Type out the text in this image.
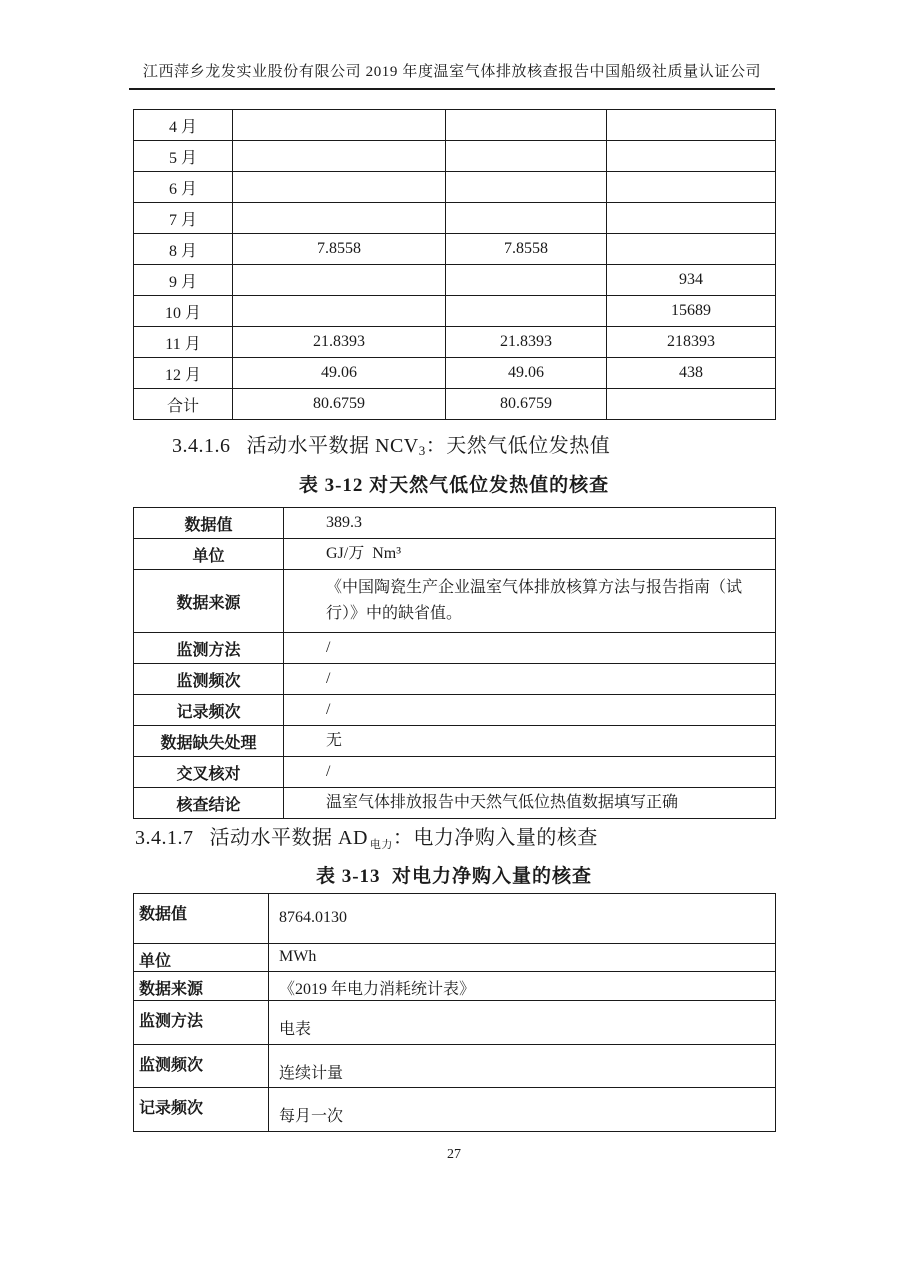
江西萍乡龙发实业股份有限公司 2019 年度温室气体排放核查报告中国船级社质量认证公司
4 月			
5 月			
6 月			
7 月			
8 月	7.8558	7.8558	
9 月			934
10 月			15689
11 月	21.8393	21.8393	218393
12 月	49.06	49.06	438
合计	80.6759	80.6759	
3.4.1.6 活动水平数据 NCV3：天然气低位发热值
表 3-12 对天然气低位发热值的核查
数据值	389.3
单位	GJ/万  Nm³
数据来源	《中国陶瓷生产企业温室气体排放核算方法与报告指南（试行）》中的缺省值。
监测方法	/
监测频次	/
记录频次	/
数据缺失处理	无
交叉核对	/
核查结论	温室气体排放报告中天然气低位热值数据填写正确
3.4.1.7 活动水平数据 AD $_{电力}$：电力净购入量的核查
表 3-13  对电力净购入量的核查
数据值	8764.0130
单位	MWh
数据来源	《2019 年电力消耗统计表》
监测方法	电表
监测频次	连续计量
记录频次	每月一次
27
